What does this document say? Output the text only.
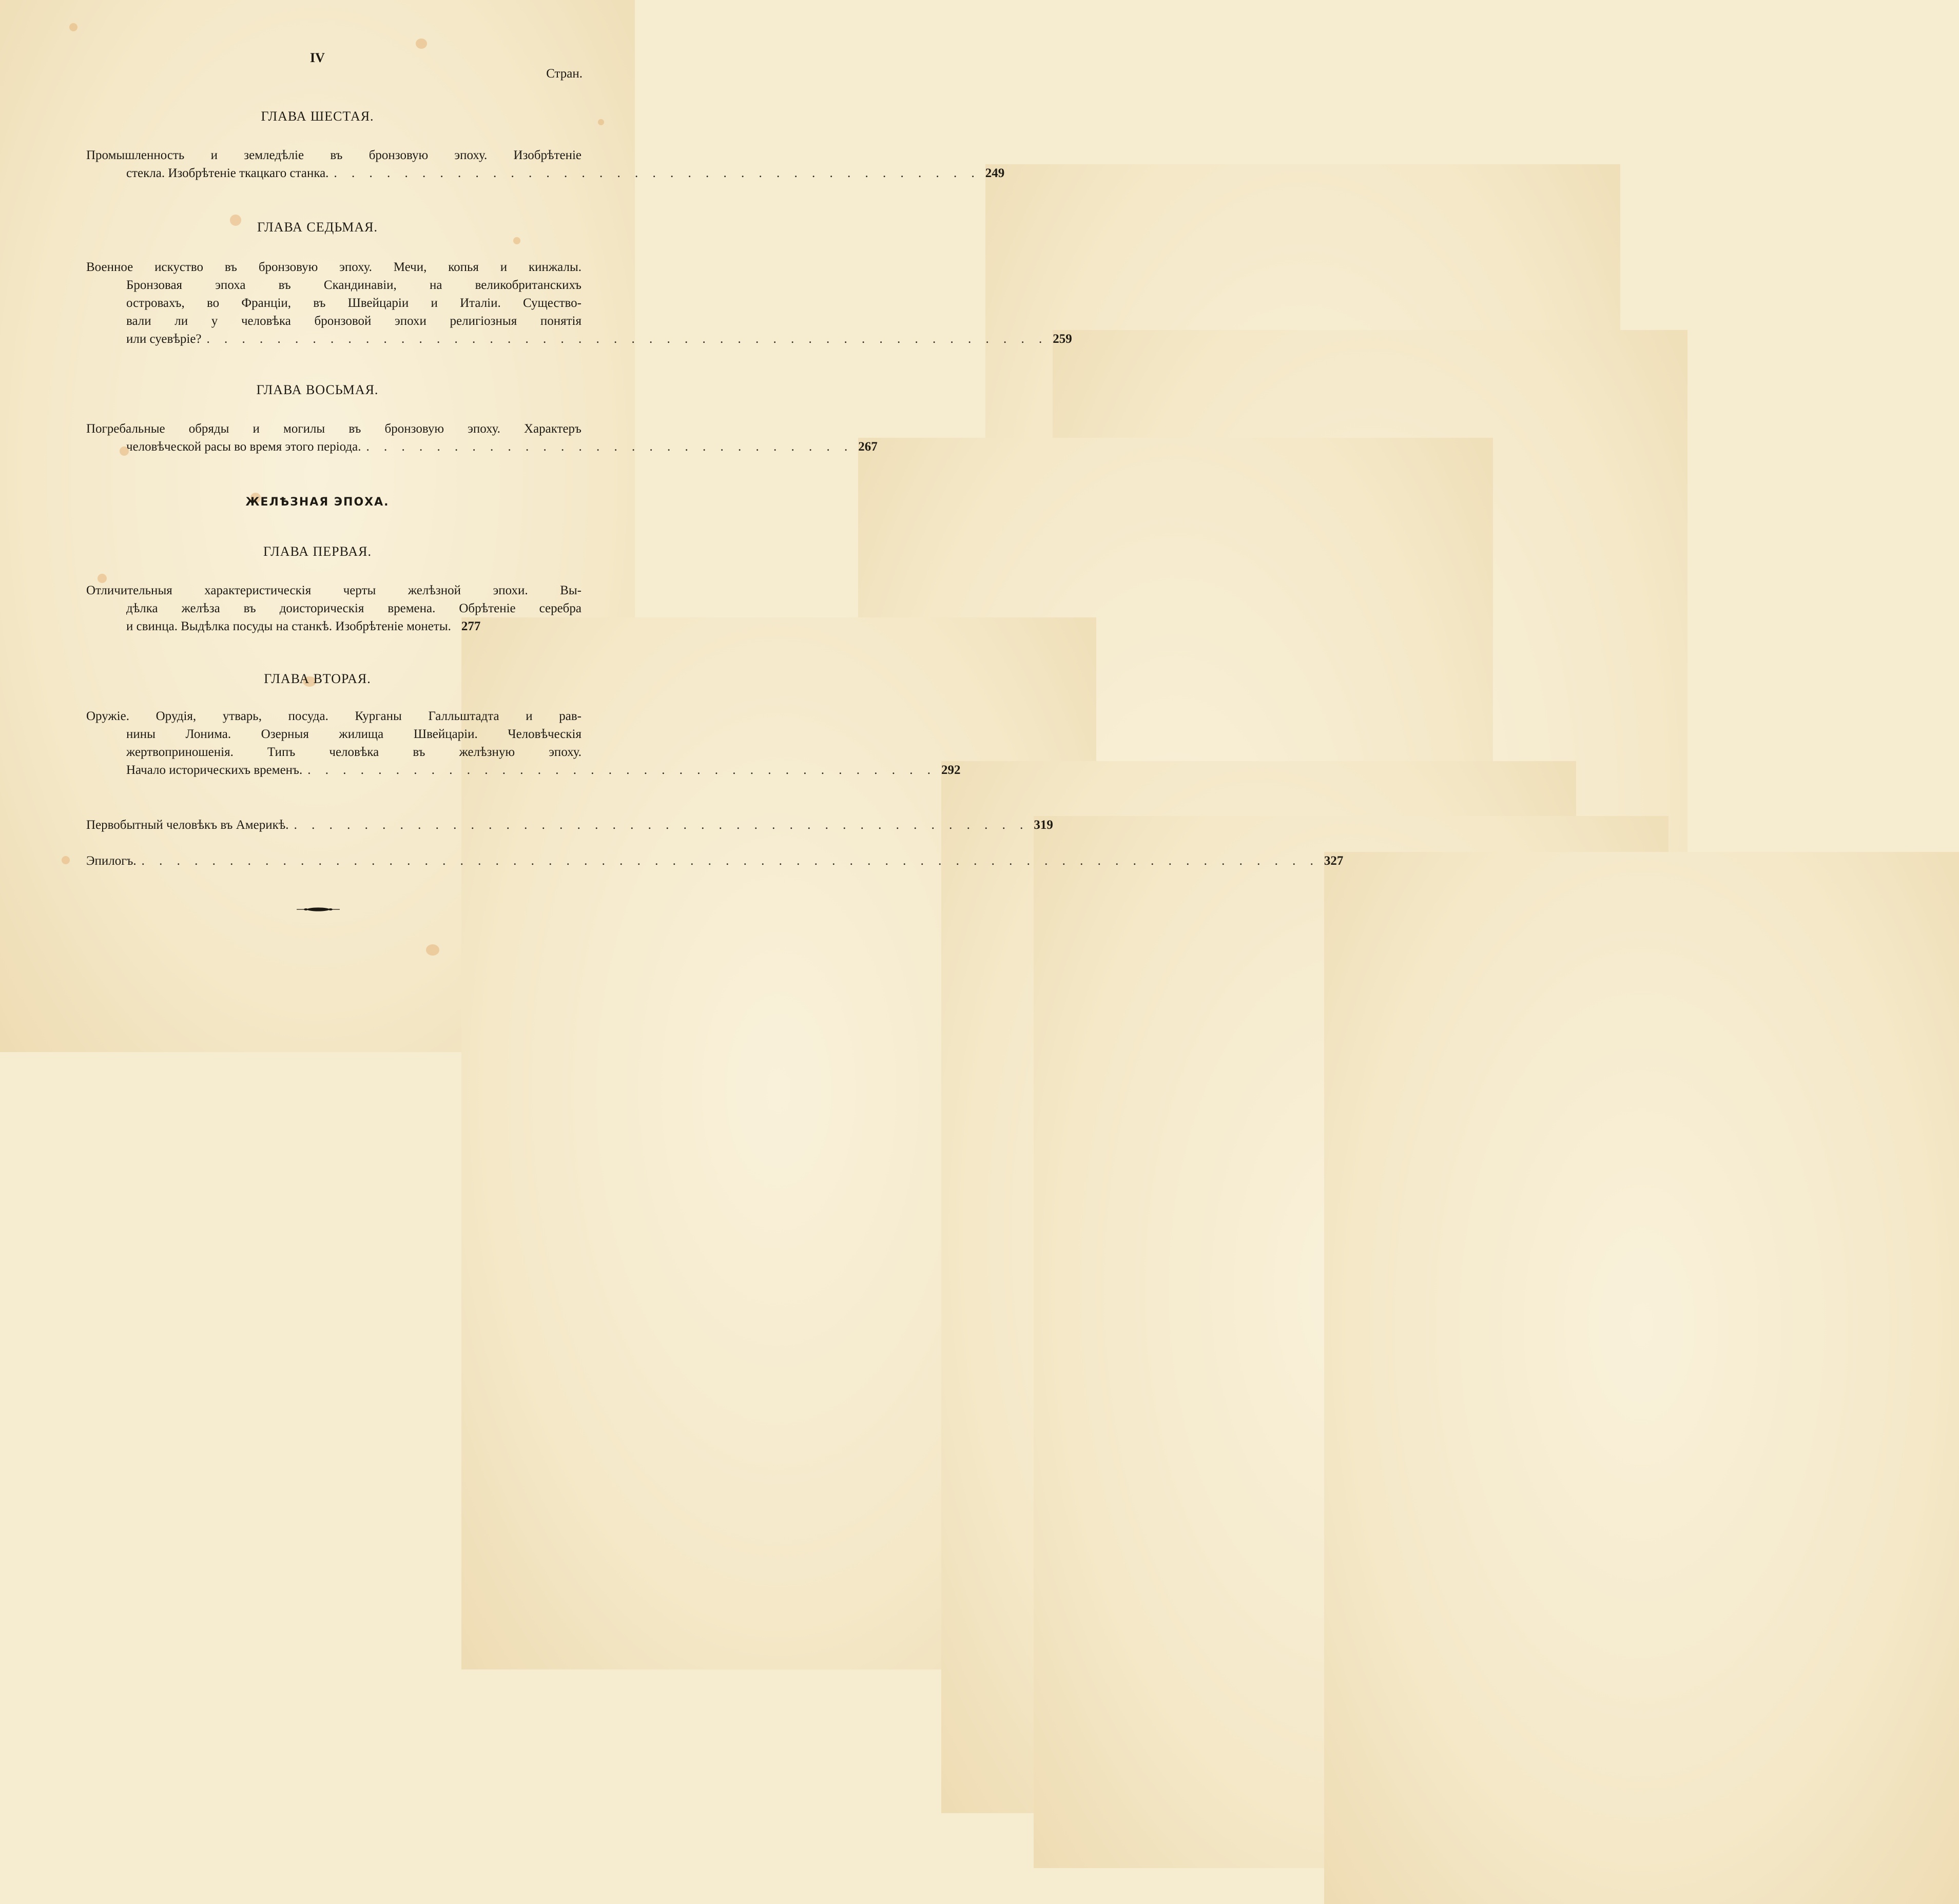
IV
Стран.
ГЛАВА ШЕСТАЯ.
Промышленность и земледѣліе въ бронзовую эпоху. Изобрѣтеніе
стекла. Изобрѣтеніе ткацкаго станка. . . . . . . . . . . . . . . . . . . . . . . . . . . . . . . . . . . . . . 249
ГЛАВА СЕДЬМАЯ.
Военное искуство въ бронзовую эпоху. Мечи, копья и кинжалы.
Бронзовая эпоха въ Скандинавіи, на великобританскихъ
островахъ, во Франціи, въ Швейцаріи и Италіи. Существо-
вали ли у человѣка бронзовой эпохи религіозныя понятія
или суевѣріе? . . . . . . . . . . . . . . . . . . . . . . . . . . . . . . . . . . . . . . . . . . . . . . . . 259
ГЛАВА ВОСЬМАЯ.
Погребальные обряды и могилы въ бронзовую эпоху. Характеръ
человѣческой расы во время этого періода. . . . . . . . . . . . . . . . . . . . . . . . . . . . . 267
ЖЕЛѢЗНАЯ ЭПОХА.
ГЛАВА ПЕРВАЯ.
Отличительныя характеристическія черты желѣзной эпохи. Вы-
дѣлка желѣза въ доисторическія времена. Обрѣтеніе серебра
и свинца. Выдѣлка посуды на станкѣ. Изобрѣтеніе монеты. 277
ГЛАВА ВТОРАЯ.
Оружіе. Орудія, утварь, посуда. Курганы Галльштадта и рав-
нины Лонима. Озерныя жилища Швейцаріи. Человѣческія
жертвоприношенія. Типъ человѣка въ желѣзную эпоху.
Начало историческихъ временъ. . . . . . . . . . . . . . . . . . . . . . . . . . . . . . . . . . . . . 292
Первобытный человѣкъ въ Америкѣ. . . . . . . . . . . . . . . . . . . . . . . . . . . . . . . . . . . . . . . . . . . 319
Эпилогъ. . . . . . . . . . . . . . . . . . . . . . . . . . . . . . . . . . . . . . . . . . . . . . . . . . . . . . . . . . . . . . . . . . . . 327
